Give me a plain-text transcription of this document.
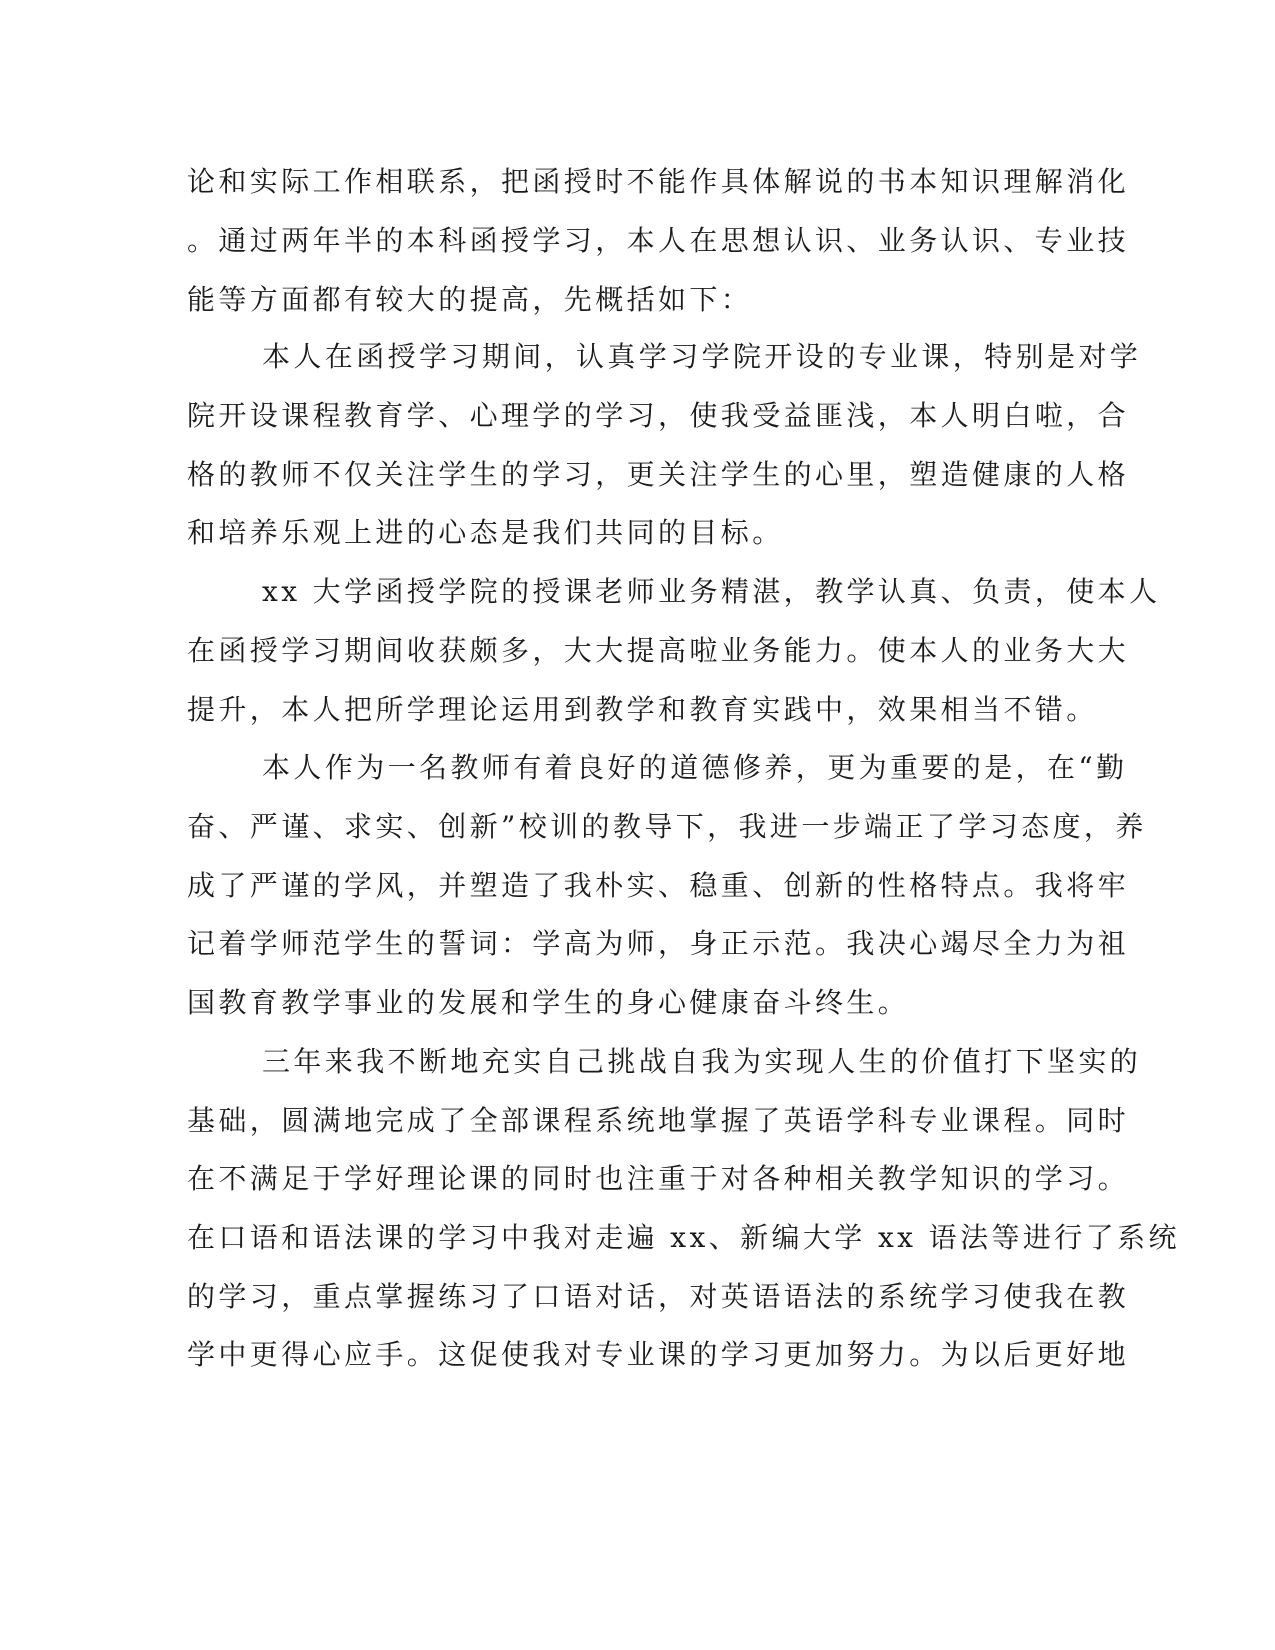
论和实际工作相联系，把函授时不能作具体解说的书本知识理解消化
。通过两年半的本科函授学习，本人在思想认识、业务认识、专业技
能等方面都有较大的提高，先概括如下：
本人在函授学习期间，认真学习学院开设的专业课，特别是对学
院开设课程教育学、心理学的学习，使我受益匪浅，本人明白啦，合
格的教师不仅关注学生的学习，更关注学生的心里，塑造健康的人格
和培养乐观上进的心态是我们共同的目标。
xx 大学函授学院的授课老师业务精湛，教学认真、负责，使本人
在函授学习期间收获颇多，大大提高啦业务能力。使本人的业务大大
提升，本人把所学理论运用到教学和教育实践中，效果相当不错。
本人作为一名教师有着良好的道德修养，更为重要的是，在“勤
奋、严谨、求实、创新”校训的教导下，我进一步端正了学习态度，养
成了严谨的学风，并塑造了我朴实、稳重、创新的性格特点。我将牢
记着学师范学生的誓词：学高为师，身正示范。我决心竭尽全力为祖
国教育教学事业的发展和学生的身心健康奋斗终生。
三年来我不断地充实自己挑战自我为实现人生的价值打下坚实的
基础，圆满地完成了全部课程系统地掌握了英语学科专业课程。同时
在不满足于学好理论课的同时也注重于对各种相关教学知识的学习。
在口语和语法课的学习中我对走遍 xx、新编大学 xx 语法等进行了系统
的学习，重点掌握练习了口语对话，对英语语法的系统学习使我在教
学中更得心应手。这促使我对专业课的学习更加努力。为以后更好地
